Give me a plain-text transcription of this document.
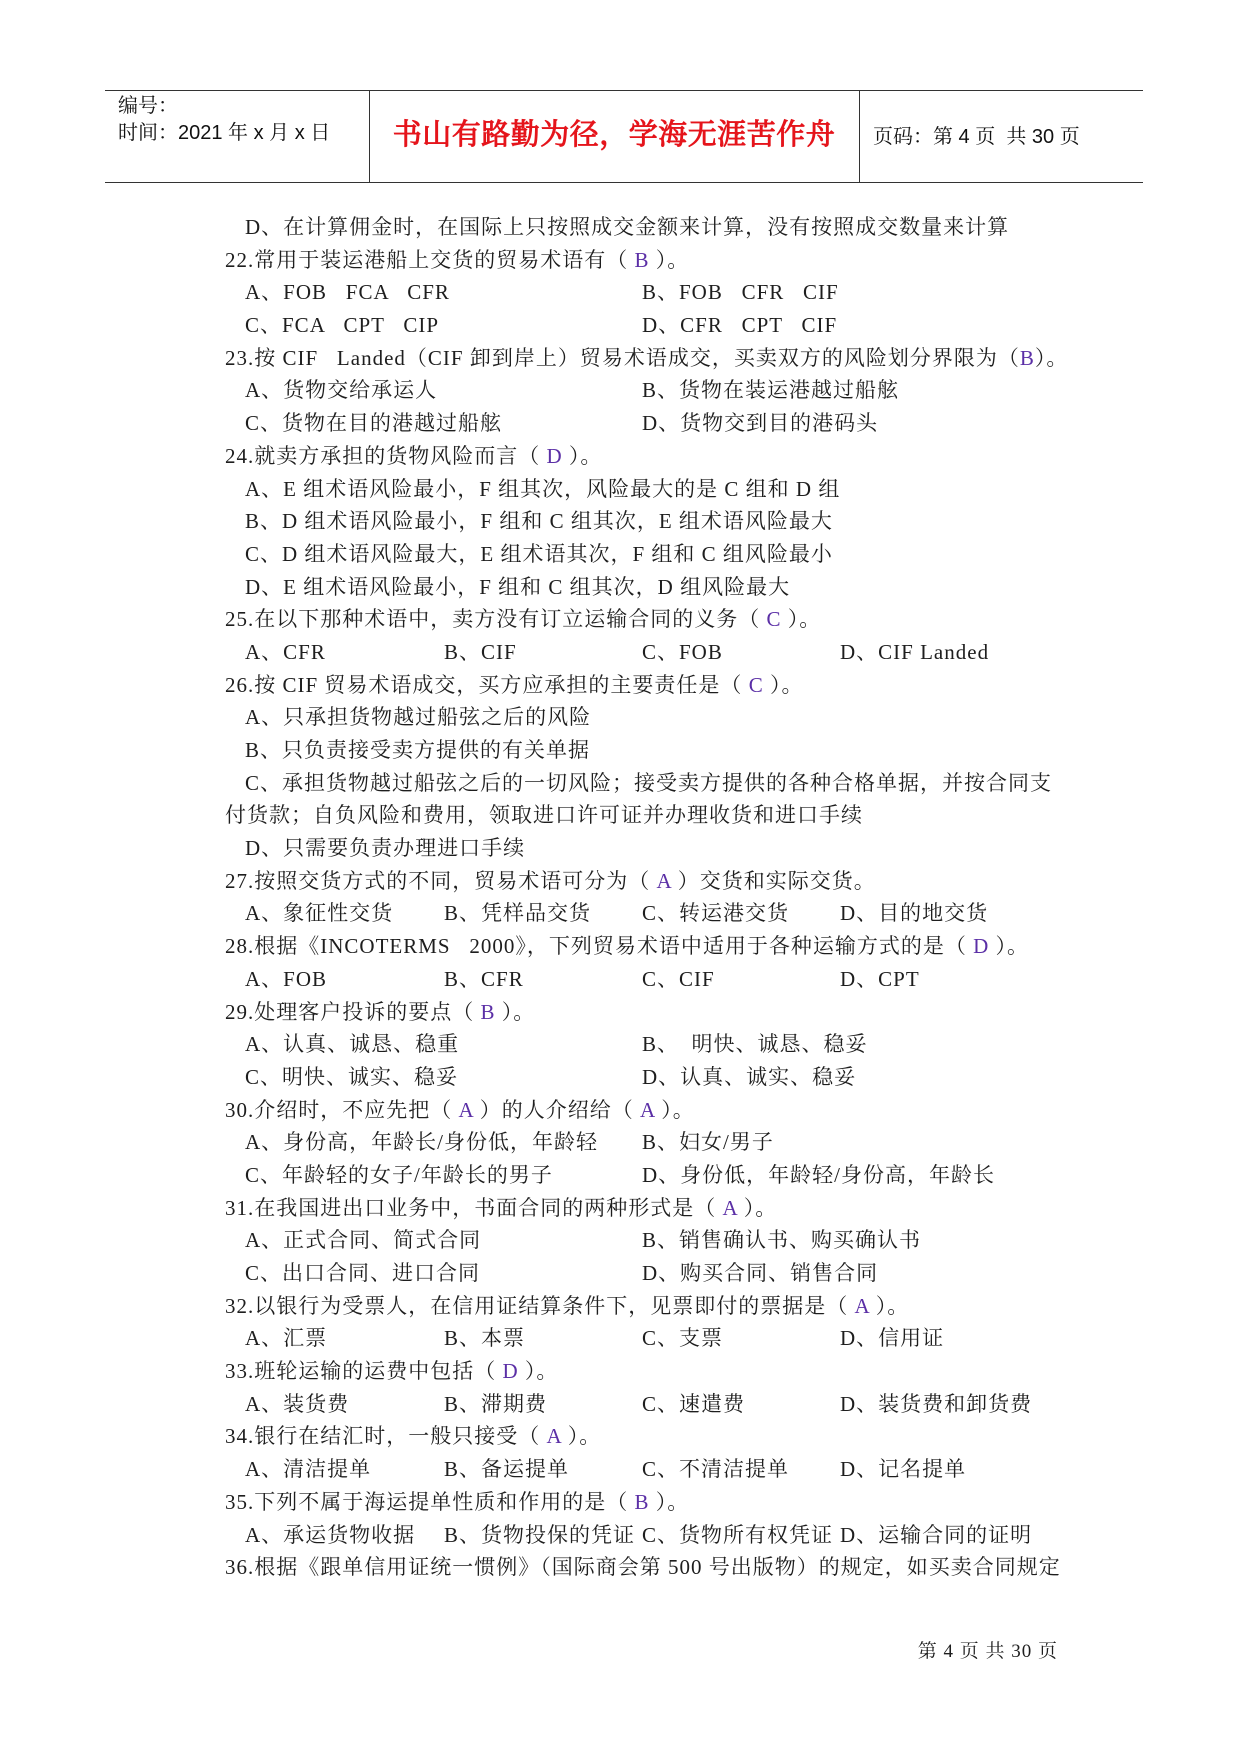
编号：
时间：2021 年 x 月 x 日	书山有路勤为径，学海无涯苦作舟	页码：第 4 页  共 30 页
D、在计算佣金时，在国际上只按照成交金额来计算，没有按照成交数量来计算
22.常用于装运港船上交货的贸易术语有（ B ）。
A、FOB   FCA   CFR	B、FOB   CFR   CIF
C、FCA   CPT   CIP	D、CFR   CPT   CIF
23.按 CIF   Landed（CIF 卸到岸上）贸易术语成交，买卖双方的风险划分界限为（B）。
A、货物交给承运人	B、货物在装运港越过船舷
C、货物在目的港越过船舷	D、货物交到目的港码头
24.就卖方承担的货物风险而言（ D ）。
A、E 组术语风险最小，F 组其次，风险最大的是 C 组和 D 组
B、D 组术语风险最小，F 组和 C 组其次，E 组术语风险最大
C、D 组术语风险最大，E 组术语其次，F 组和 C 组风险最小
D、E 组术语风险最小，F 组和 C 组其次，D 组风险最大
25.在以下那种术语中，卖方没有订立运输合同的义务（ C ）。
A、CFR	B、CIF	C、FOB	D、CIF Landed
26.按 CIF 贸易术语成交，买方应承担的主要责任是（ C ）。
A、只承担货物越过船弦之后的风险
B、只负责接受卖方提供的有关单据
C、承担货物越过船弦之后的一切风险；接受卖方提供的各种合格单据，并按合同支
付货款；自负风险和费用，领取进口许可证并办理收货和进口手续
D、只需要负责办理进口手续
27.按照交货方式的不同，贸易术语可分为（ A ）交货和实际交货。
A、象征性交货 B、凭样品交货 C、转运港交货 D、目的地交货
28.根据《INCOTERMS   2000》，下列贸易术语中适用于各种运输方式的是（ D ）。
A、FOB	B、CFR	C、CIF	D、CPT
29.处理客户投诉的要点（ B ）。
A、认真、诚恳、稳重	B、  明快、诚恳、稳妥
C、明快、诚实、稳妥	D、认真、诚实、稳妥
30.介绍时，不应先把（ A ）的人介绍给（ A ）。
A、身份高，年龄长/身份低，年龄轻 B、妇女/男子
C、年龄轻的女子/年龄长的男子	D、身份低，年龄轻/身份高，年龄长
31.在我国进出口业务中，书面合同的两种形式是（ A ）。
A、正式合同、简式合同	B、销售确认书、购买确认书
C、出口合同、进口合同	D、购买合同、销售合同
32.以银行为受票人，在信用证结算条件下，见票即付的票据是（ A ）。
A、汇票	B、本票	C、支票	D、信用证
33.班轮运输的运费中包括（ D ）。
A、装货费	B、滞期费	C、速遣费	D、装货费和卸货费
34.银行在结汇时，一般只接受（ A ）。
A、清洁提单	B、备运提单	C、不清洁提单 D、记名提单
35.下列不属于海运提单性质和作用的是（ B ）。
A、承运货物收据 B、货物投保的凭证 C、货物所有权凭证 D、运输合同的证明
36.根据《跟单信用证统一惯例》（国际商会第 500 号出版物）的规定，如买卖合同规定
第 4 页 共 30 页
